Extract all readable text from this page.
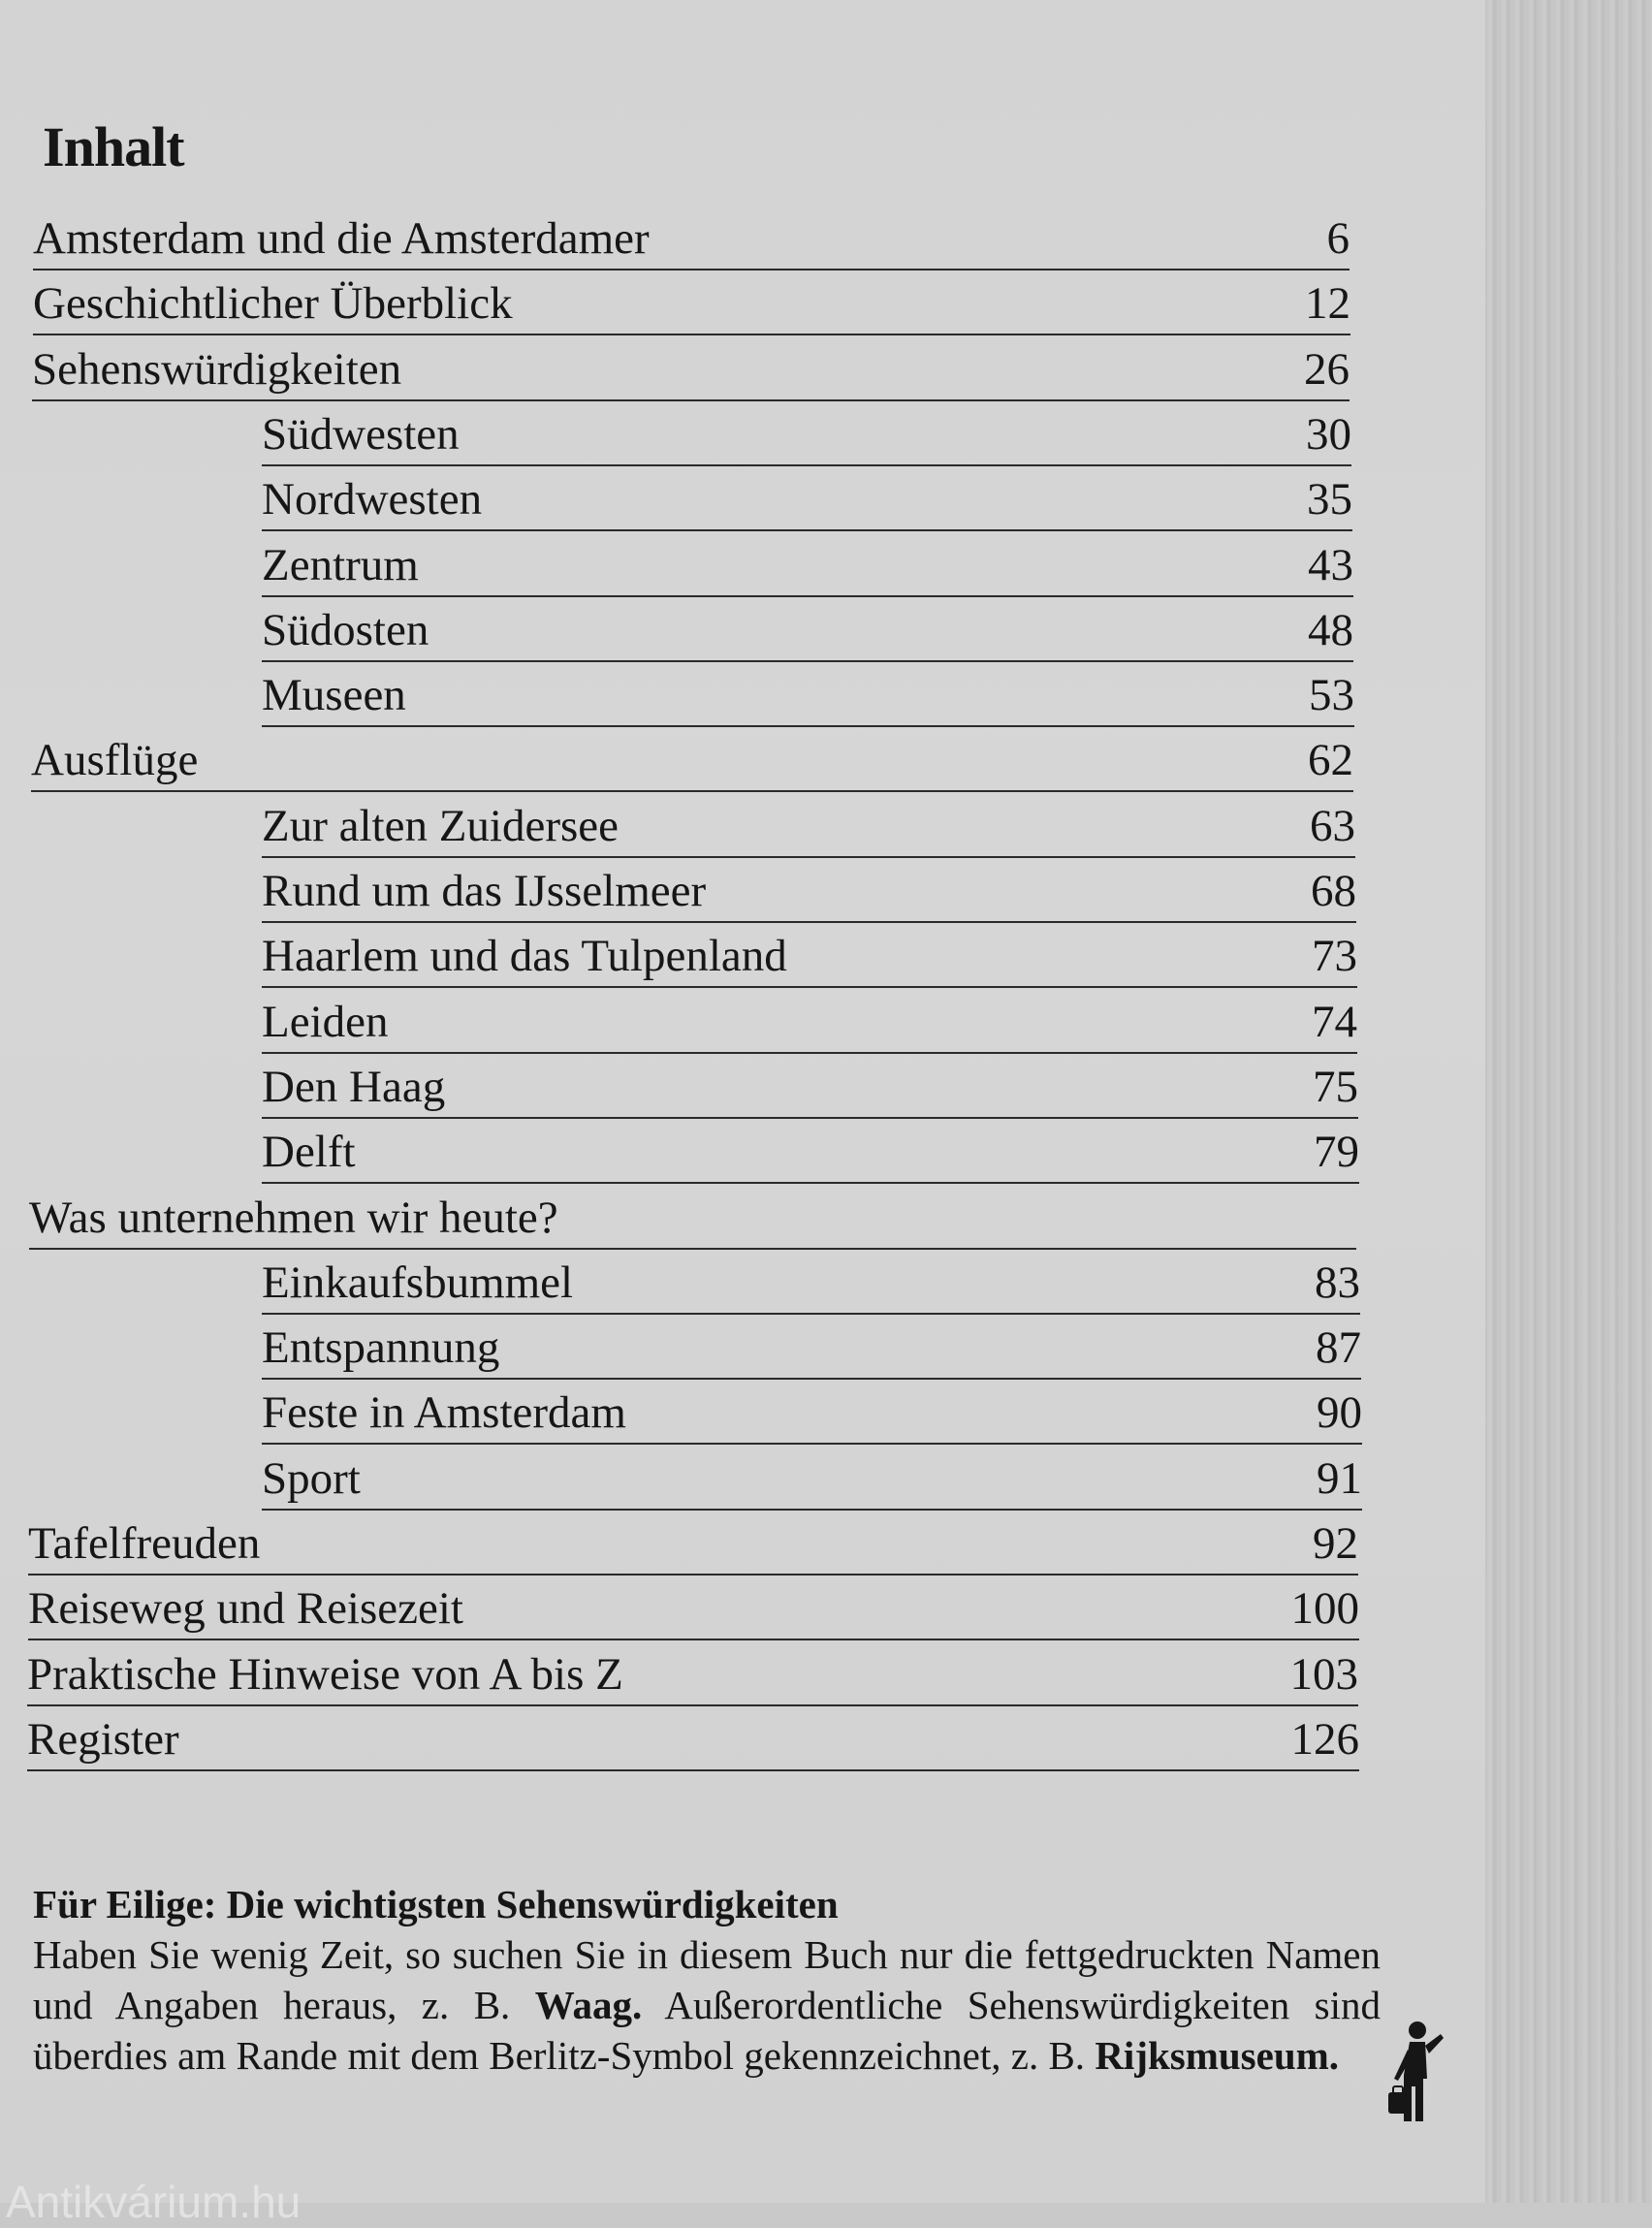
Inhalt
Amsterdam und die Amsterdamer	6
Geschichtlicher Überblick	12
Sehenswürdigkeiten	26
Südwesten	30
Nordwesten	35
Zentrum	43
Südosten	48
Museen	53
Ausflüge	62
Zur alten Zuidersee	63
Rund um das IJsselmeer	68
Haarlem und das Tulpenland	73
Leiden	74
Den Haag	75
Delft	79
Was unternehmen wir heute?
Einkaufsbummel	83
Entspannung	87
Feste in Amsterdam	90
Sport	91
Tafelfreuden	92
Reiseweg und Reisezeit	100
Praktische Hinweise von A bis Z	103
Register	126
Für Eilige: Die wichtigsten Sehenswürdigkeiten
Haben Sie wenig Zeit, so suchen Sie in diesem Buch nur die fettgedruckten Namen und Angaben heraus, z. B. Waag. Außerordentliche Sehenswürdigkeiten sind überdies am Rande mit dem Berlitz-Symbol gekennzeichnet, z. B. Rijksmuseum.
Antikvárium.hu
